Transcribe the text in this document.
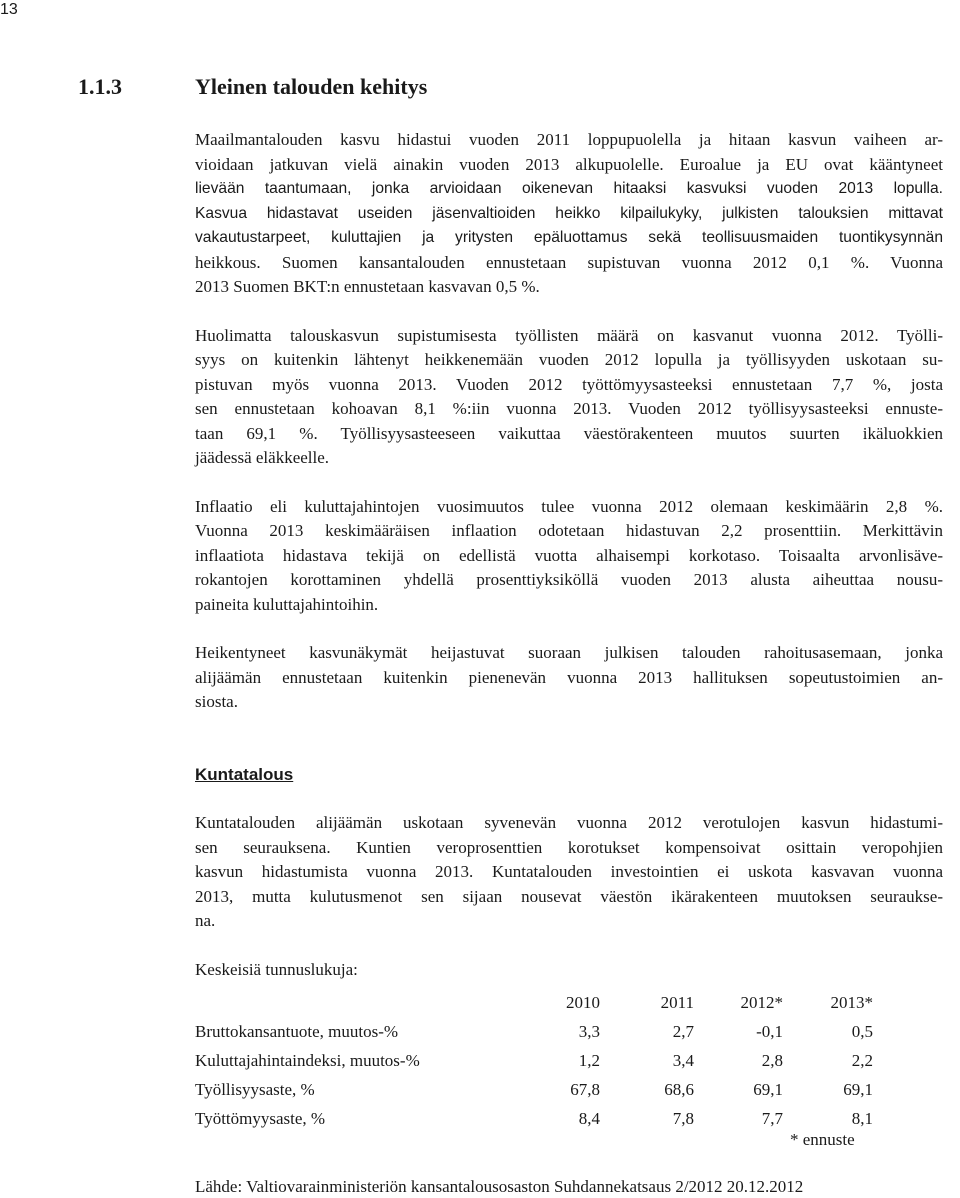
13
1.1.3	Yleinen talouden kehitys

Maailmantalouden kasvu hidastui vuoden 2011 loppupuolella ja hitaan kasvun vaiheen ar-
vioidaan jatkuvan vielä ainakin vuoden 2013 alkupuolelle. Euroalue ja EU ovat kääntyneet
lievään taantumaan, jonka arvioidaan oikenevan hitaaksi kasvuksi vuoden 2013 lopulla.
Kasvua hidastavat useiden jäsenvaltioiden heikko kilpailukyky, julkisten talouksien mittavat
vakautustarpeet, kuluttajien ja yritysten epäluottamus sekä teollisuusmaiden tuontikysynnän
heikkous. Suomen kansantalouden ennustetaan supistuvan vuonna 2012 0,1 %. Vuonna
2013 Suomen BKT:n ennustetaan kasvavan 0,5 %.

Huolimatta talouskasvun supistumisesta työllisten määrä on kasvanut vuonna 2012. Työlli-
syys on kuitenkin lähtenyt heikkenemään vuoden 2012 lopulla ja työllisyyden uskotaan su-
pistuvan myös vuonna 2013. Vuoden 2012 työttömyysasteeksi ennustetaan 7,7 %, josta
sen ennustetaan kohoavan 8,1 %:iin vuonna 2013. Vuoden 2012 työllisyysasteeksi ennuste-
taan 69,1 %. Työllisyysasteeseen vaikuttaa väestörakenteen muutos suurten ikäluokkien
jäädessä eläkkeelle.

Inflaatio eli kuluttajahintojen vuosimuutos tulee vuonna 2012 olemaan keskimäärin 2,8 %.
Vuonna 2013 keskimääräisen inflaation odotetaan hidastuvan 2,2 prosenttiin. Merkittävin
inflaatiota hidastava tekijä on edellistä vuotta alhaisempi korkotaso. Toisaalta arvonlisäve-
rokantojen korottaminen yhdellä prosenttiyksiköllä vuoden 2013 alusta aiheuttaa nousu-
paineita kuluttajahintoihin.

Heikentyneet kasvunäkymät heijastuvat suoraan julkisen talouden rahoitusasemaan, jonka
alijäämän ennustetaan kuitenkin pienenevän vuonna 2013 hallituksen sopeutustoimien an-
siosta.

Kuntatalous

Kuntatalouden alijäämän uskotaan syvenevän vuonna 2012 verotulojen kasvun hidastumi-
sen seurauksena. Kuntien veroprosenttien korotukset kompensoivat osittain veropohjien
kasvun hidastumista vuonna 2013. Kuntatalouden investointien ei uskota kasvavan vuonna
2013, mutta kulutusmenot sen sijaan nousevat väestön ikärakenteen muutoksen seurauksе-
na.

Keskeisiä tunnuslukuja:

	2010	2011	2012*	2013*
Bruttokansantuote, muutos-%	3,3	2,7	-0,1	0,5
Kuluttajahintaindeksi, muutos-%	1,2	3,4	2,8	2,2
Työllisyysaste, %	67,8	68,6	69,1	69,1
Työttömyysaste, %	8,4	7,8	7,7	8,1
* ennuste
Lähde: Valtiovarainministeriön kansantalousosaston Suhdannekatsaus 2/2012 20.12.2012
